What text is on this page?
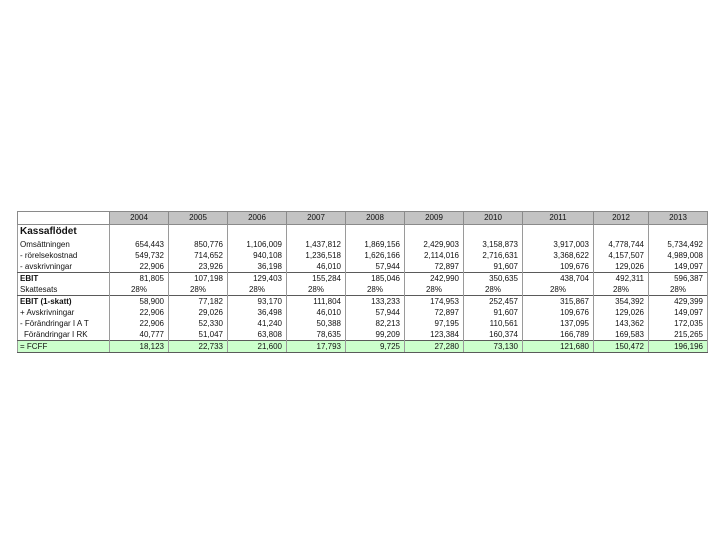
	2004	2005	2006	2007	2008	2009	2010	2011	2012	2013
Kassaflödet										
Omsättningen	654,443	850,776	1,106,009	1,437,812	1,869,156	2,429,903	3,158,873	3,917,003	4,778,744	5,734,492
- rörelsekostnad	549,732	714,652	940,108	1,236,518	1,626,166	2,114,016	2,716,631	3,368,622	4,157,507	4,989,008
- avskrivningar	22,906	23,926	36,198	46,010	57,944	72,897	91,607	109,676	129,026	149,097
EBIT	81,805	107,198	129,403	155,284	185,046	242,990	350,635	438,704	492,311	596,387
Skattesats	28%	28%	28%	28%	28%	28%	28%	28%	28%	28%
EBIT (1-skatt)	58,900	77,182	93,170	111,804	133,233	174,953	252,457	315,867	354,392	429,399
+ Avskrivningar	22,906	29,026	36,498	46,010	57,944	72,897	91,607	109,676	129,026	149,097
- Förändringar I A T	22,906	52,330	41,240	50,388	82,213	97,195	110,561	137,095	143,362	172,035
Förändringar I RK	40,777	51,047	63,808	78,635	99,209	123,384	160,374	166,789	169,583	215,265
= FCFF	18,123	22,733	21,600	17,793	9,725	27,280	73,130	121,680	150,472	196,196
